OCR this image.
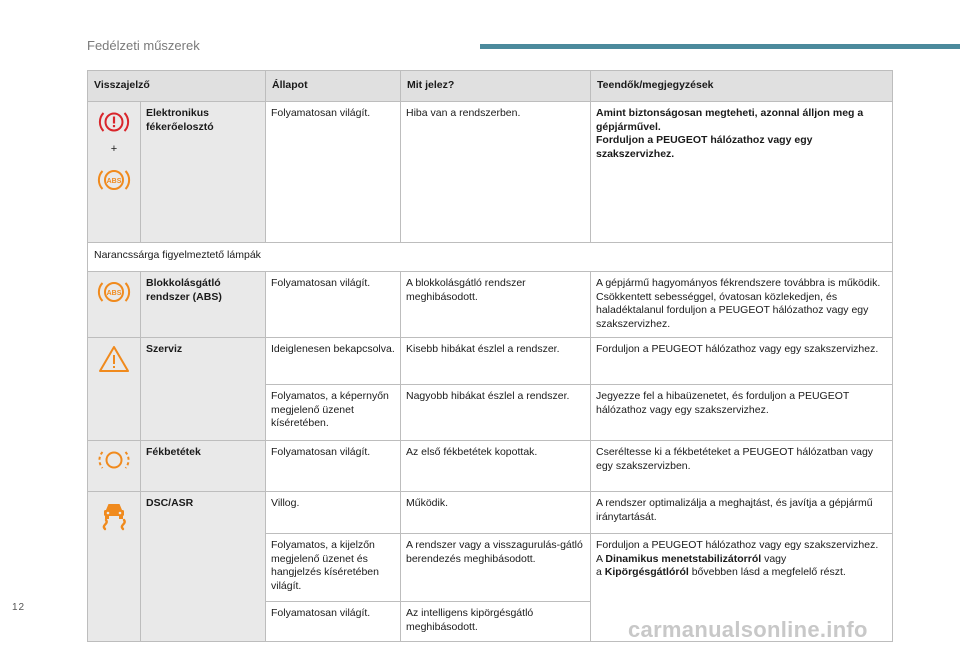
Fedélzeti műszerek
Visszajelző		Állapot	Mit jelez?	Teendők/megjegyzések

+
ABS	Elektronikus fékerőelosztó	Folyamatosan világít.	Hiba van a rendszerben.	Amint biztonságosan megteheti, azonnal álljon meg a gépjárművel.
Forduljon a PEUGEOT hálózathoz vagy egy szakszervizhez.
Narancssárga figyelmeztető lámpák				

ABS	Blokkolásgátló rendszer (ABS)	Folyamatosan világít.	A blokkolásgátló rendszer meghibásodott.	A gépjármű hagyományos fékrendszere továbbra is működik. Csökkentett sebességgel, óvatosan közlekedjen, és haladéktalanul forduljon a PEUGEOT hálózathoz vagy egy szakszervizhez.

	Szerviz	Ideiglenesen bekapcsolva.	Kisebb hibákat észlel a rendszer.	Forduljon a PEUGEOT hálózathoz vagy egy szakszervizhez.
		Folyamatos, a képernyőn megjelenő üzenet kíséretében.	Nagyobb hibákat észlel a rendszer.	Jegyezze fel a hibaüzenetet, és forduljon a PEUGEOT hálózathoz vagy egy szakszervizhez.

	Fékbetétek	Folyamatosan világít.	Az első fékbetétek kopottak.	Cseréltesse ki a fékbetéteket a PEUGEOT hálózatban vagy egy szakszervizben.

	DSC/ASR	Villog.	Működik.	A rendszer optimalizálja a meghajtást, és javítja a gépjármű iránytartását.
		Folyamatos, a kijelzőn megjelenő üzenet és hangjelzés kíséretében világít.	A rendszer vagy a visszagurulás-gátló berendezés meghibásodott.	Forduljon a PEUGEOT hálózathoz vagy egy szakszervizhez.
A Dinamikus menetstabilizátorról vagy
a Kipörgésgátlóról bővebben lásd a megfelelő részt.
		Folyamatosan világít.	Az intelligens kipörgésgátló meghibásodott.	
12
carmanualsonline.info
